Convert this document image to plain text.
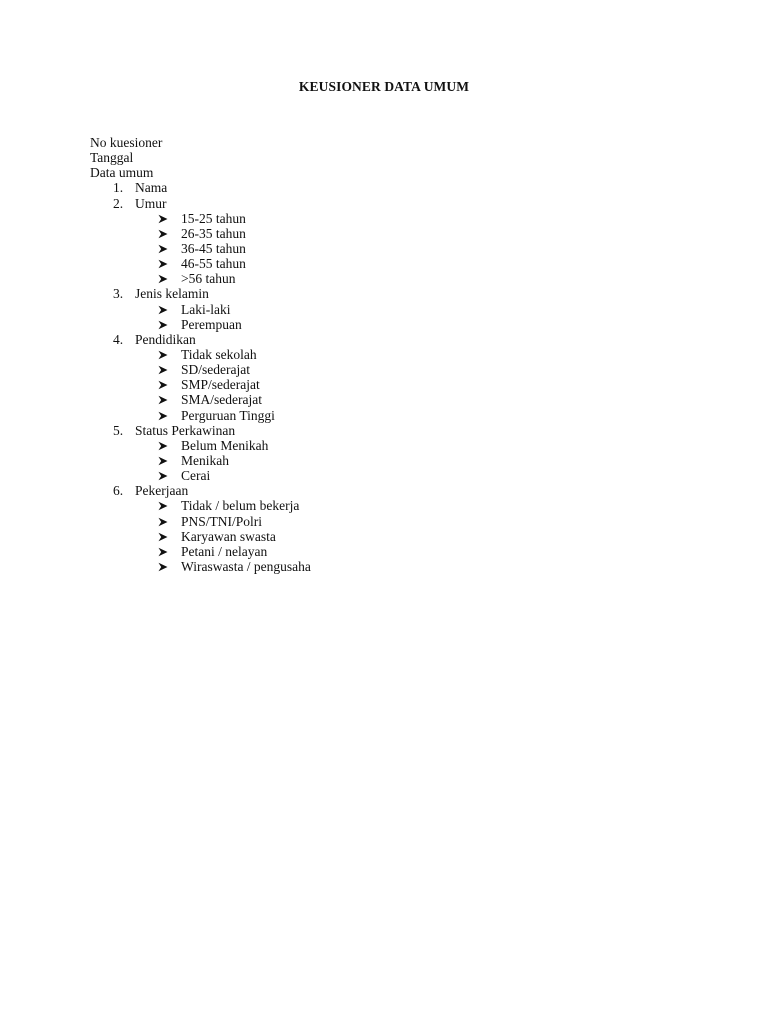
KEUSIONER DATA UMUM
No kuesioner
Tanggal
Data umum
1. Nama
2. Umur
15-25 tahun
26-35 tahun
36-45 tahun
46-55 tahun
>56 tahun
3. Jenis kelamin
Laki-laki
Perempuan
4. Pendidikan
Tidak sekolah
SD/sederajat
SMP/sederajat
SMA/sederajat
Perguruan Tinggi
5. Status Perkawinan
Belum Menikah
Menikah
Cerai
6. Pekerjaan
Tidak / belum bekerja
PNS/TNI/Polri
Karyawan swasta
Petani / nelayan
Wiraswasta / pengusaha
